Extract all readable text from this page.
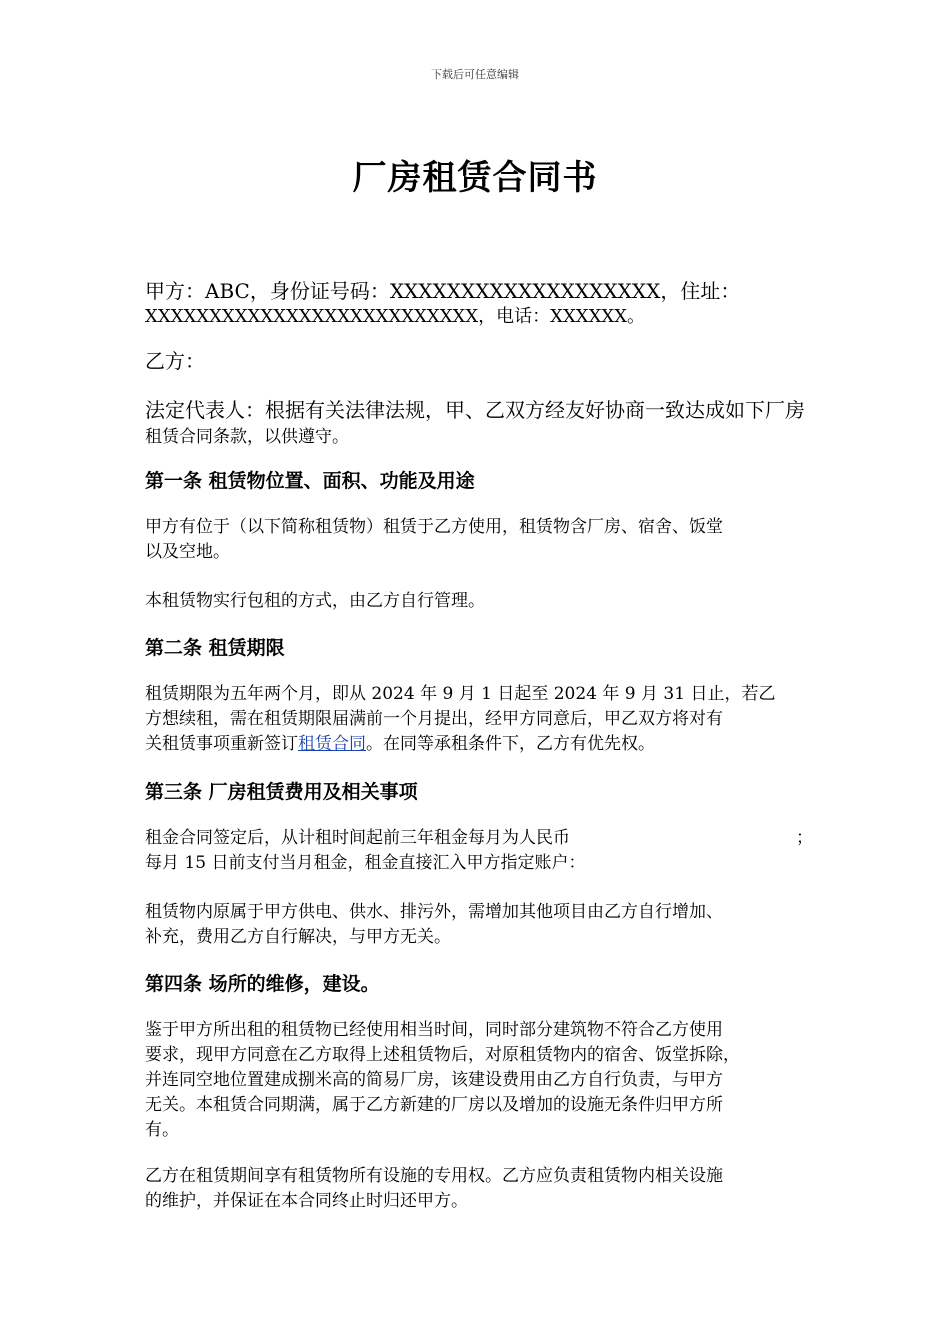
下载后可任意编辑
厂房租赁合同书

甲方：ABC，身份证号码：XXXXXXXXXXXXXXXXXXX，住址：

XXXXXXXXXXXXXXXXXXXXXXXXXX，电话：XXXXXX。

乙方：

法定代表人：根据有关法律法规，甲、乙双方经友好协商一致达成如下厂房

租赁合同条款，以供遵守。

第一条 租赁物位置、面积、功能及用途

甲方有位于（以下简称租赁物）租赁于乙方使用，租赁物含厂房、宿舍、饭堂

以及空地。

本租赁物实行包租的方式，由乙方自行管理。

第二条 租赁期限

租赁期限为五年两个月，即从 2024 年 9 月 1 日起至 2024 年 9 月 31 日止，若乙

方想续租，需在租赁期限届满前一个月提出，经甲方同意后，甲乙双方将对有

关租赁事项重新签订租赁合同。在同等承租条件下，乙方有优先权。

第三条 厂房租赁费用及相关事项

租金合同签定后，从计租时间起前三年租金每月为人民币	；

每月 15 日前支付当月租金，租金直接汇入甲方指定账户：

租赁物内原属于甲方供电、供水、排污外，需增加其他项目由乙方自行增加、

补充，费用乙方自行解决，与甲方无关。

第四条 场所的维修，建设。

鉴于甲方所出租的租赁物已经使用相当时间，同时部分建筑物不符合乙方使用

要求，现甲方同意在乙方取得上述租赁物后，对原租赁物内的宿舍、饭堂拆除，

并连同空地位置建成捌米高的简易厂房，该建设费用由乙方自行负责，与甲方

无关。本租赁合同期满，属于乙方新建的厂房以及增加的设施无条件归甲方所

有。

乙方在租赁期间享有租赁物所有设施的专用权。乙方应负责租赁物内相关设施

的维护，并保证在本合同终止时归还甲方。
